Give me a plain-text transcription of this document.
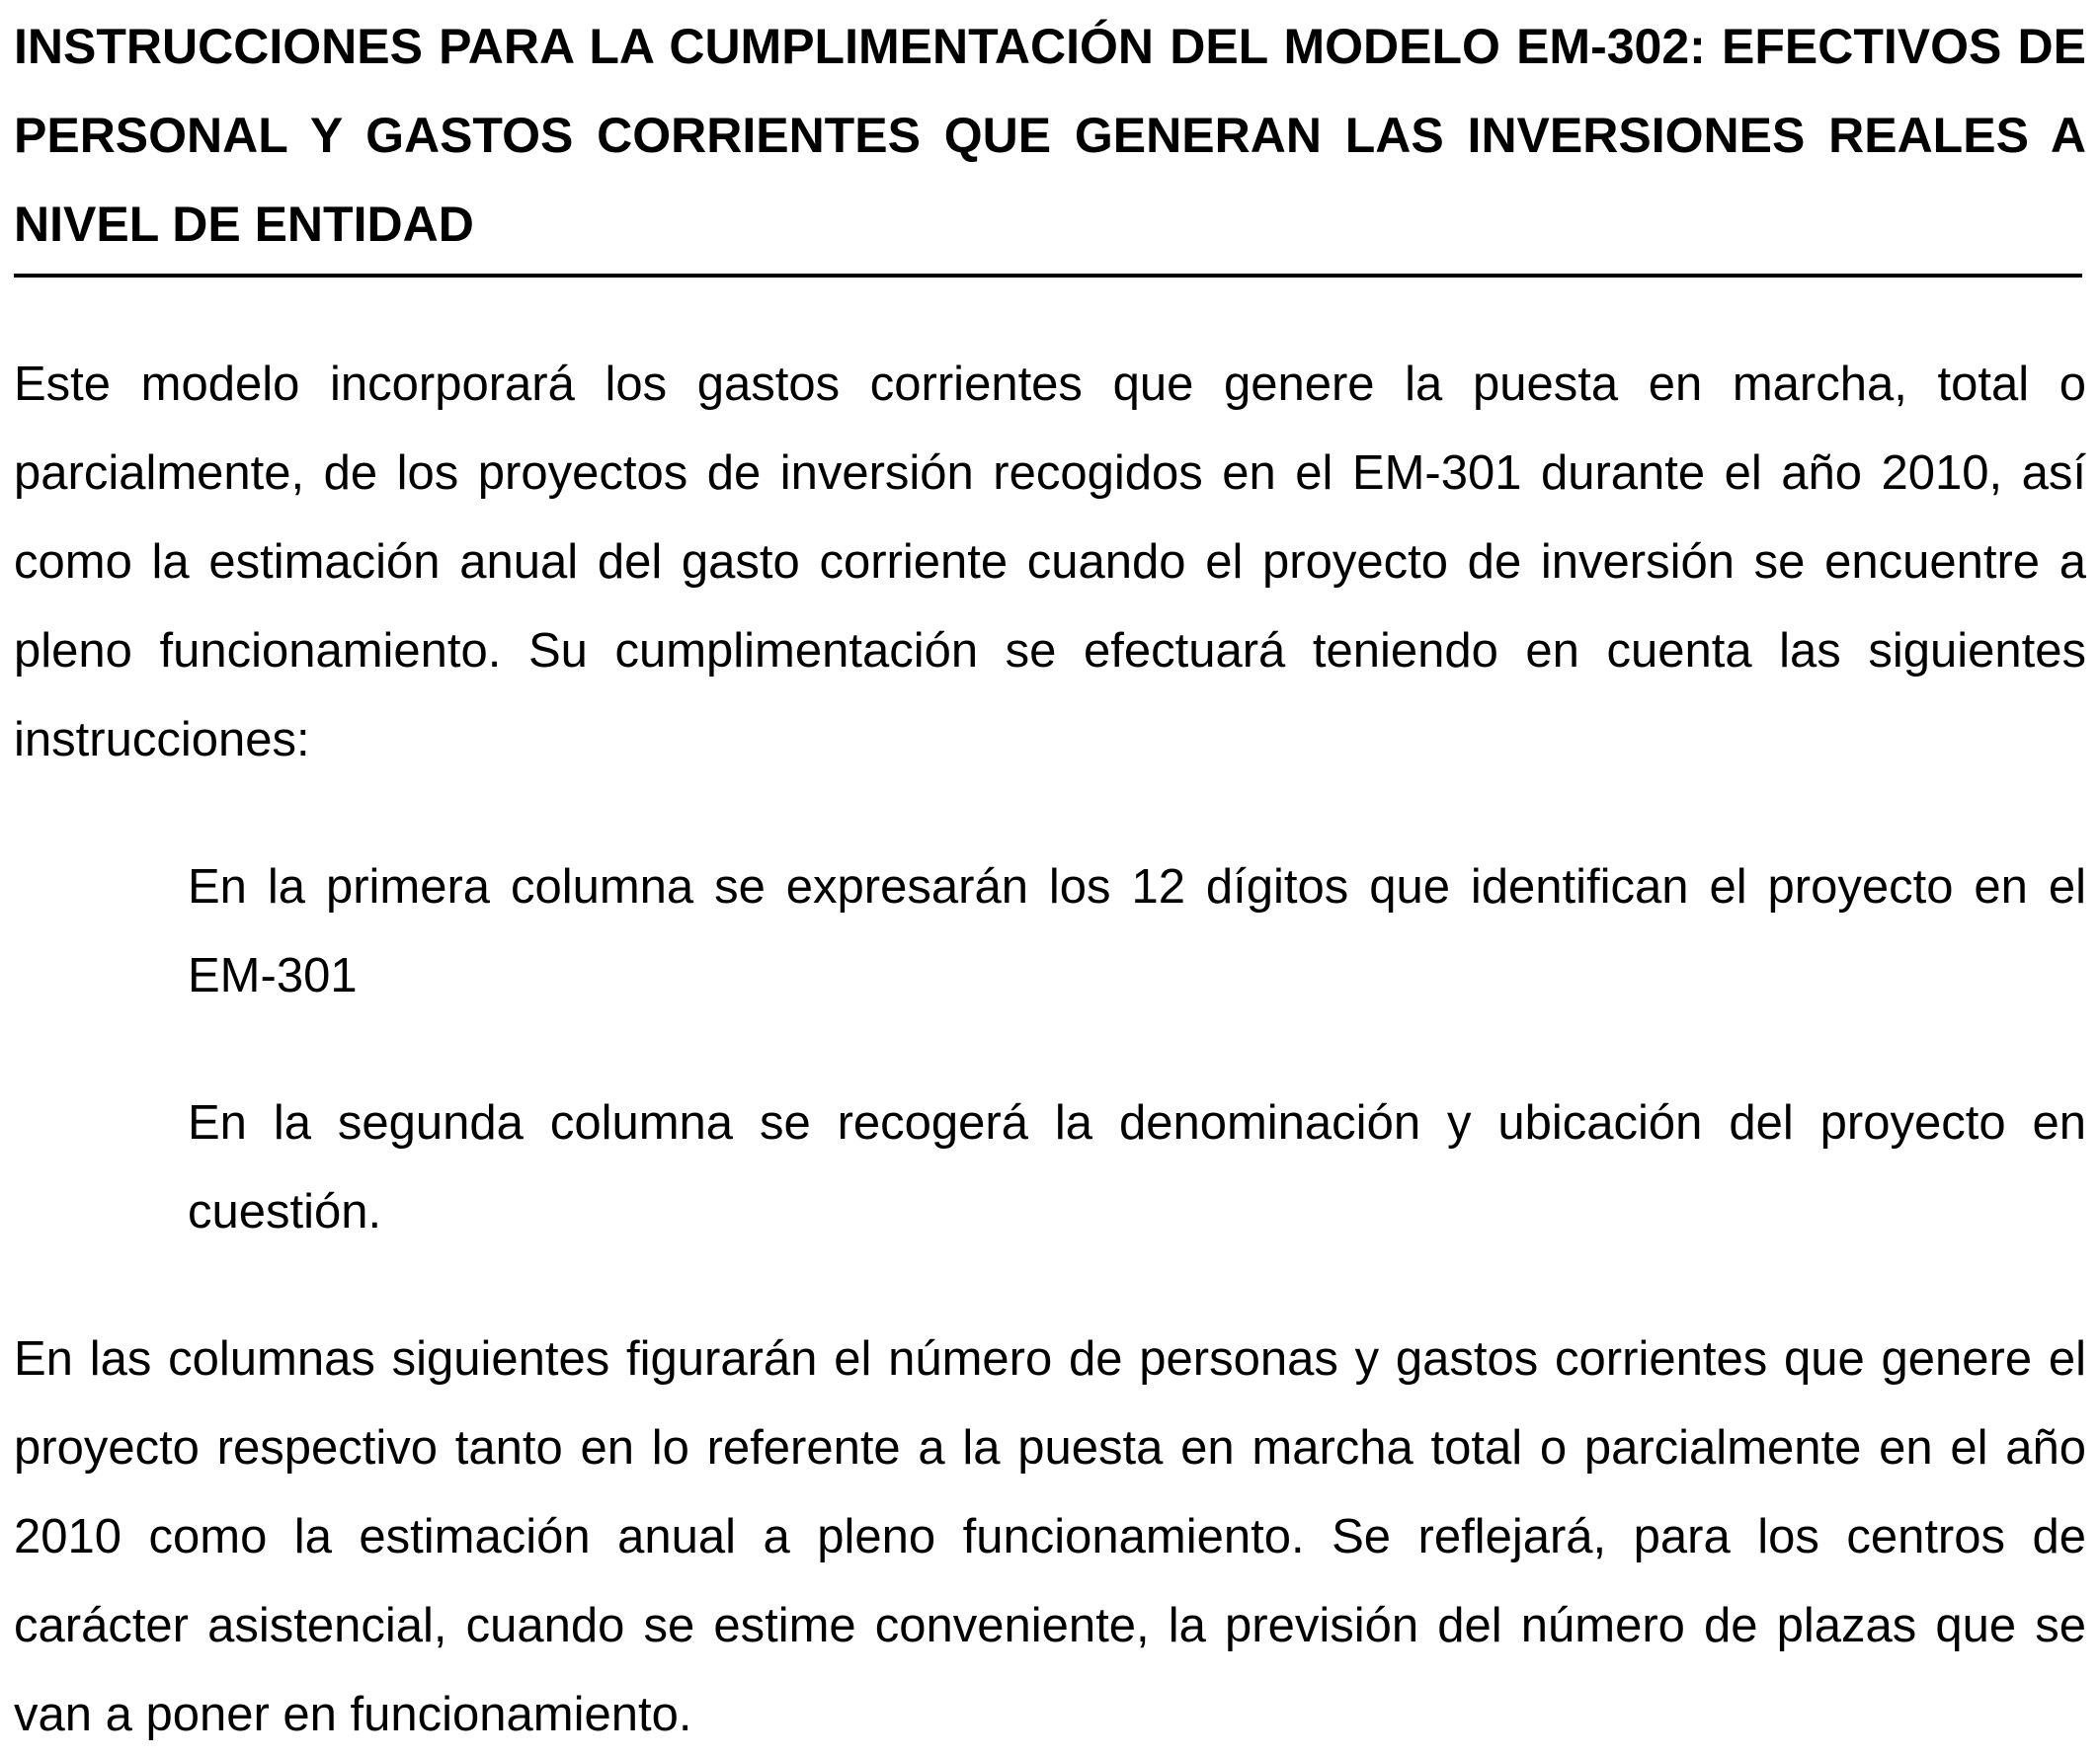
INSTRUCCIONES PARA LA CUMPLIMENTACIÓN DEL MODELO EM-302: EFECTIVOS DE PERSONAL Y GASTOS CORRIENTES QUE GENERAN LAS INVERSIONES REALES A NIVEL DE ENTIDAD

Este modelo incorporará los gastos corrientes que genere la puesta en marcha, total o parcialmente, de los proyectos de inversión recogidos en el EM-301 durante el año 2010, así como la estimación anual del gasto corriente cuando el proyecto de inversión se encuentre a pleno funcionamiento. Su cumplimentación se efectuará teniendo en cuenta las siguientes instrucciones:

En la primera columna se expresarán los 12 dígitos que identifican el proyecto en el EM-301

En la segunda columna se recogerá la denominación y ubicación del proyecto en cuestión.

En las columnas siguientes figurarán el número de personas y gastos corrientes que genere el proyecto respectivo tanto en lo referente a la puesta en marcha total o parcialmente en el año 2010 como la estimación anual a pleno funcionamiento. Se reflejará, para los centros de carácter asistencial, cuando se estime conveniente, la previsión del número de plazas que se van a poner en funcionamiento.
